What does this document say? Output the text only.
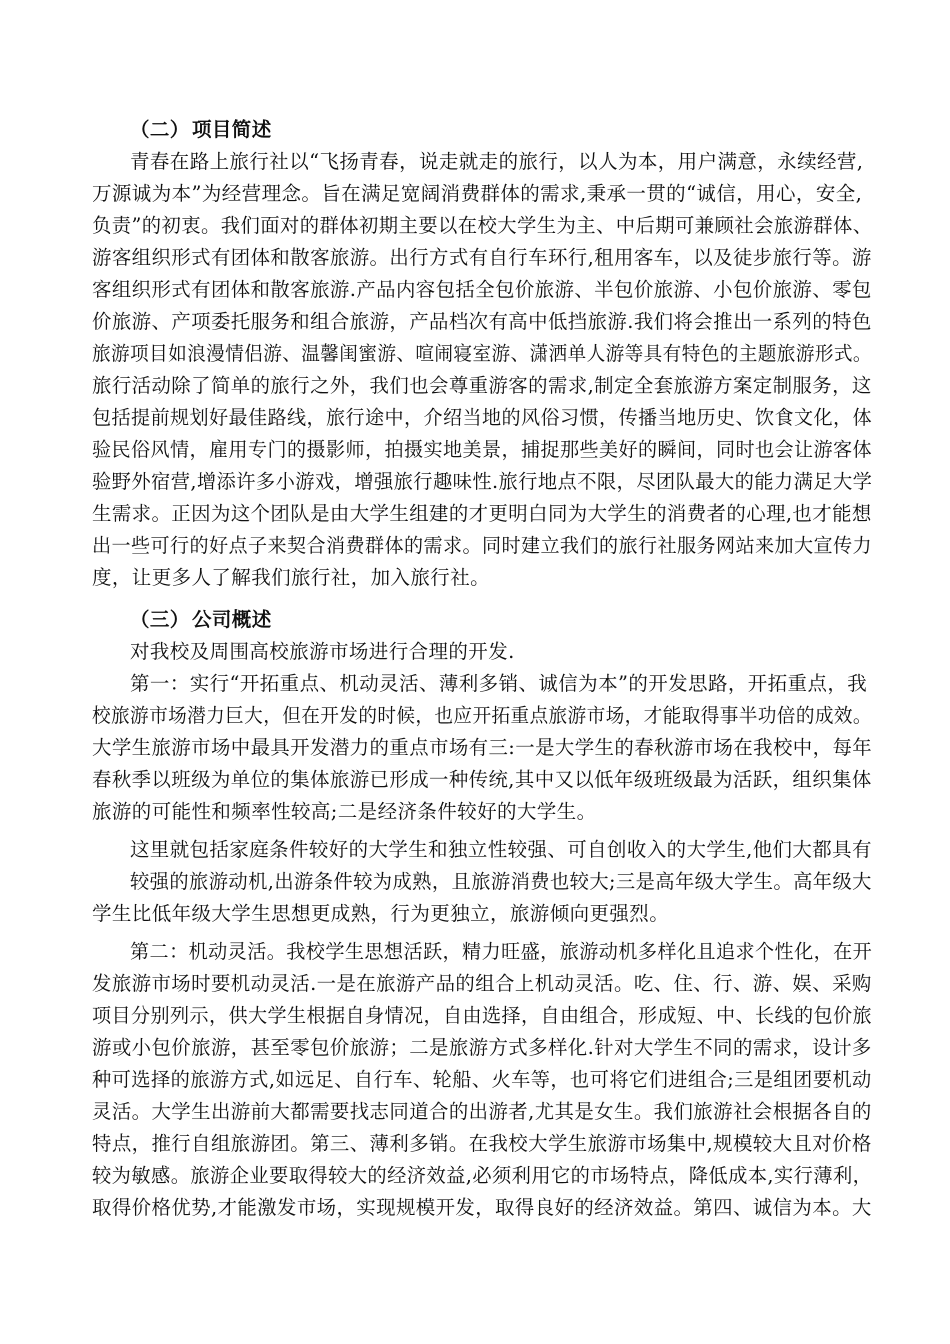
（二） 项目简述
青春在路上旅行社以“飞扬青春，说走就走的旅行，以人为本，用户满意，永续经营,
万源诚为本”为经营理念。旨在满足宽阔消费群体的需求,秉承一贯的“诚信，用心，安全,
负责”的初衷。我们面对的群体初期主要以在校大学生为主、中后期可兼顾社会旅游群体、
游客组织形式有团体和散客旅游。出行方式有自行车环行,租用客车，以及徒步旅行等。游
客组织形式有团体和散客旅游.产品内容包括全包价旅游、半包价旅游、小包价旅游、零包
价旅游、产项委托服务和组合旅游，产品档次有高中低挡旅游.我们将会推出一系列的特色
旅游项目如浪漫情侣游、温馨闺蜜游、喧闹寝室游、潇洒单人游等具有特色的主题旅游形式。
旅行活动除了简单的旅行之外，我们也会尊重游客的需求,制定全套旅游方案定制服务，这
包括提前规划好最佳路线，旅行途中，介绍当地的风俗习惯，传播当地历史、饮食文化，体
验民俗风情，雇用专门的摄影师，拍摄实地美景，捕捉那些美好的瞬间，同时也会让游客体
验野外宿营,增添许多小游戏，增强旅行趣味性.旅行地点不限，尽团队最大的能力满足大学
生需求。正因为这个团队是由大学生组建的才更明白同为大学生的消费者的心理,也才能想
出一些可行的好点子来契合消费群体的需求。同时建立我们的旅行社服务网站来加大宣传力
度，让更多人了解我们旅行社，加入旅行社。
（三） 公司概述
对我校及周围高校旅游市场进行合理的开发.
第一：实行“开拓重点、机动灵活、薄利多销、诚信为本”的开发思路，开拓重点，我
校旅游市场潜力巨大，但在开发的时候，也应开拓重点旅游市场，才能取得事半功倍的成效。
大学生旅游市场中最具开发潜力的重点市场有三:一是大学生的春秋游市场在我校中，每年
春秋季以班级为单位的集体旅游已形成一种传统,其中又以低年级班级最为活跃，组织集体
旅游的可能性和频率性较高;二是经济条件较好的大学生。
这里就包括家庭条件较好的大学生和独立性较强、可自创收入的大学生,他们大都具有
较强的旅游动机,出游条件较为成熟，且旅游消费也较大;三是高年级大学生。高年级大
学生比低年级大学生思想更成熟，行为更独立，旅游倾向更强烈。
第二：机动灵活。我校学生思想活跃，精力旺盛，旅游动机多样化且追求个性化，在开
发旅游市场时要机动灵活.一是在旅游产品的组合上机动灵活。吃、住、行、游、娱、采购
项目分别列示，供大学生根据自身情况，自由选择，自由组合，形成短、中、长线的包价旅
游或小包价旅游，甚至零包价旅游；二是旅游方式多样化.针对大学生不同的需求，设计多
种可选择的旅游方式,如远足、自行车、轮船、火车等，也可将它们进组合;三是组团要机动
灵活。大学生出游前大都需要找志同道合的出游者,尤其是女生。我们旅游社会根据各自的
特点，推行自组旅游团。第三、薄利多销。在我校大学生旅游市场集中,规模较大且对价格
较为敏感。旅游企业要取得较大的经济效益,必须利用它的市场特点，降低成本,实行薄利，
取得价格优势,才能激发市场，实现规模开发，取得良好的经济效益。第四、诚信为本。大
